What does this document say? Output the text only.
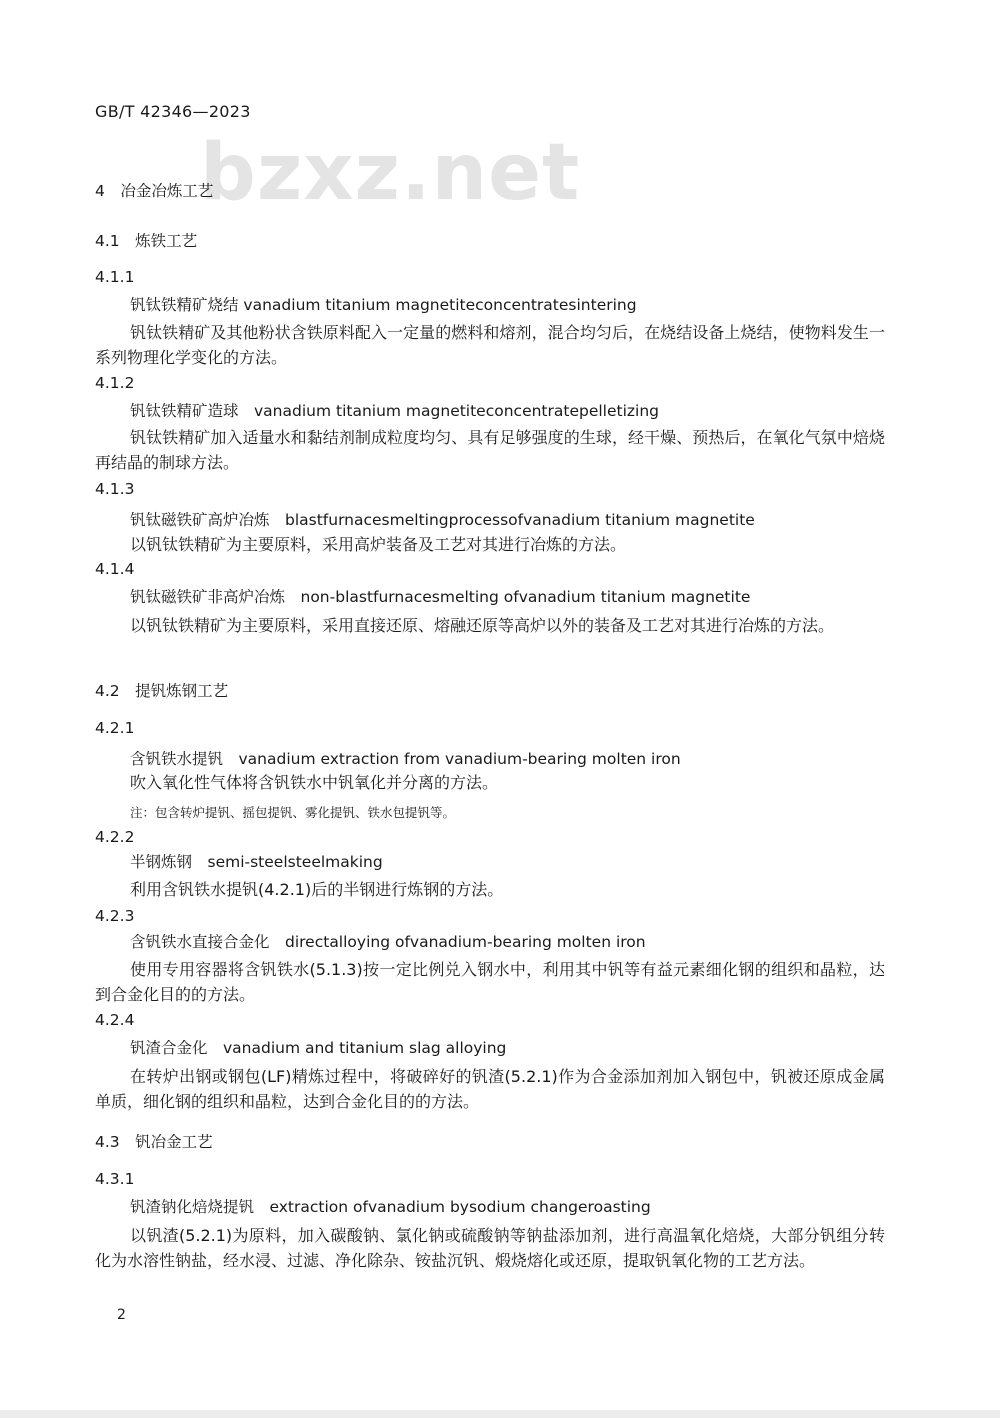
bzxz.net
GB/T 42346—2023
4　冶金冶炼工艺
4.1　炼铁工艺
4.1.1
钒钛铁精矿烧结 vanadium titanium magnetiteconcentratesintering
钒钛铁精矿及其他粉状含铁原料配入一定量的燃料和熔剂，混合均匀后，在烧结设备上烧结，使物料发生一系列物理化学变化的方法。
4.1.2
钒钛铁精矿造球　vanadium titanium magnetiteconcentratepelletizing
钒钛铁精矿加入适量水和黏结剂制成粒度均匀、具有足够强度的生球，经干燥、预热后，在氧化气氛中焙烧再结晶的制球方法。
4.1.3
钒钛磁铁矿高炉冶炼　blastfurnacesmeltingprocessofvanadium titanium magnetite
以钒钛铁精矿为主要原料，采用高炉装备及工艺对其进行冶炼的方法。
4.1.4
钒钛磁铁矿非高炉冶炼　non-blastfurnacesmelting ofvanadium titanium magnetite
以钒钛铁精矿为主要原料，采用直接还原、熔融还原等高炉以外的装备及工艺对其进行冶炼的方法。
4.2　提钒炼钢工艺
4.2.1
含钒铁水提钒　vanadium extraction from vanadium-bearing molten iron
吹入氧化性气体将含钒铁水中钒氧化并分离的方法。
注：包含转炉提钒、摇包提钒、雾化提钒、铁水包提钒等。
4.2.2
半钢炼钢　semi-steelsteelmaking
利用含钒铁水提钒(4.2.1)后的半钢进行炼钢的方法。
4.2.3
含钒铁水直接合金化　directalloying ofvanadium-bearing molten iron
使用专用容器将含钒铁水(5.1.3)按一定比例兑入钢水中，利用其中钒等有益元素细化钢的组织和晶粒，达到合金化目的的方法。
4.2.4
钒渣合金化　vanadium and titanium slag alloying
在转炉出钢或钢包(LF)精炼过程中，将破碎好的钒渣(5.2.1)作为合金添加剂加入钢包中，钒被还原成金属单质，细化钢的组织和晶粒，达到合金化目的的方法。
4.3　钒冶金工艺
4.3.1
钒渣钠化焙烧提钒　extraction ofvanadium bysodium changeroasting
以钒渣(5.2.1)为原料，加入碳酸钠、氯化钠或硫酸钠等钠盐添加剂，进行高温氧化焙烧，大部分钒组分转化为水溶性钠盐，经水浸、过滤、净化除杂、铵盐沉钒、煅烧熔化或还原，提取钒氧化物的工艺方法。
2
